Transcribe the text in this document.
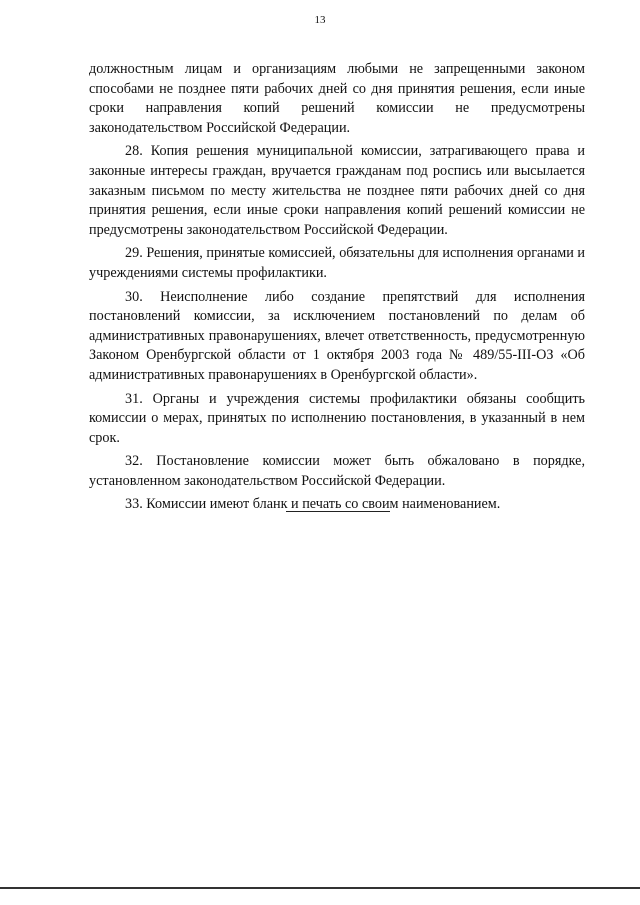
13

должностным лицам и организациям любыми не запрещенными законом способами не позднее пяти рабочих дней со дня принятия решения, если иные сроки направления копий решений комиссии не предусмотрены законодательством Российской Федерации.

28. Копия решения муниципальной комиссии, затрагивающего права и законные интересы граждан, вручается гражданам под роспись или высылается заказным письмом по месту жительства не позднее пяти рабочих дней со дня принятия решения, если иные сроки направления копий решений комиссии не предусмотрены законодательством Российской Федерации.

29. Решения, принятые комиссией, обязательны для исполнения органами и учреждениями системы профилактики.

30. Неисполнение либо создание препятствий для исполнения постановлений комиссии, за исключением постановлений по делам об административных правонарушениях, влечет ответственность, предусмотренную Законом Оренбургской области от 1 октября 2003 года № 489/55-III-ОЗ «Об административных правонарушениях в Оренбургской области».

31. Органы и учреждения системы профилактики обязаны сообщить комиссии о мерах, принятых по исполнению постановления, в указанный в нем срок.

32. Постановление комиссии может быть обжаловано в порядке, установленном законодательством Российской Федерации.

33. Комиссии имеют бланк и печать со своим наименованием.
